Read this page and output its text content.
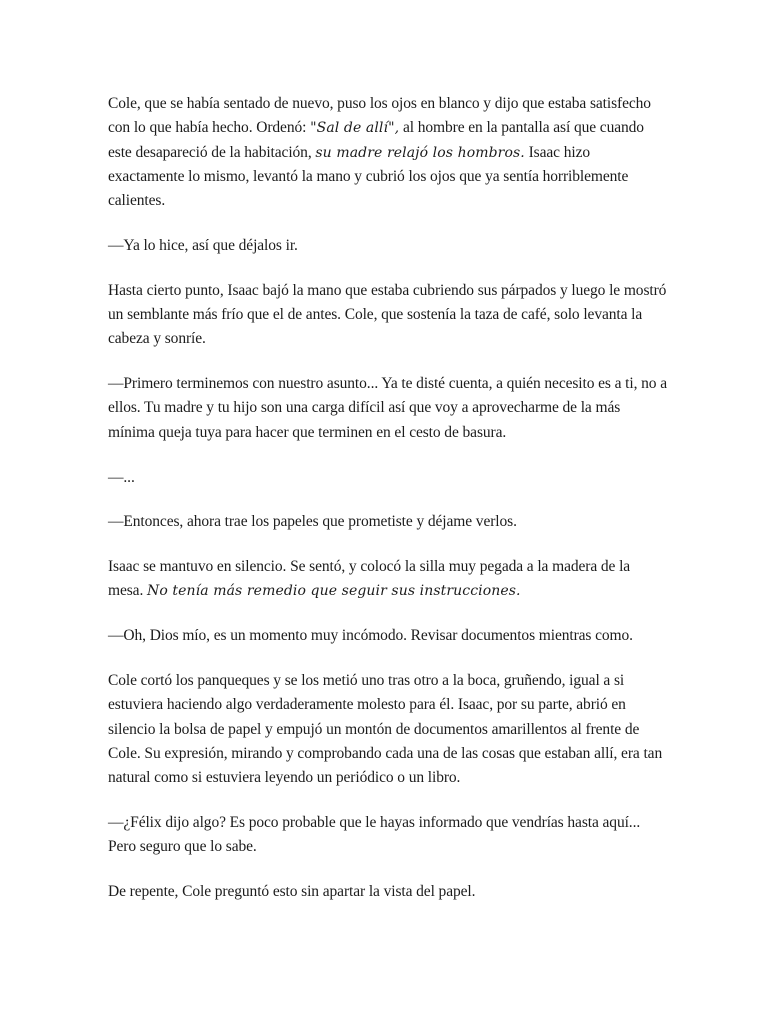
Cole, que se había sentado de nuevo, puso los ojos en blanco y dijo que estaba satisfecho con lo que había hecho. Ordenó: "Sal de allí", al hombre en la pantalla así que cuando este desapareció de la habitación, su madre relajó los hombros. Isaac hizo exactamente lo mismo, levantó la mano y cubrió los ojos que ya sentía horriblemente calientes.

—Ya lo hice, así que déjalos ir.

Hasta cierto punto, Isaac bajó la mano que estaba cubriendo sus párpados y luego le mostró un semblante más frío que el de antes. Cole, que sostenía la taza de café, solo levanta la cabeza y sonríe.

—Primero terminemos con nuestro asunto... Ya te disté cuenta, a quién necesito es a ti, no a ellos. Tu madre y tu hijo son una carga difícil así que voy a aprovecharme de la más mínima queja tuya para hacer que terminen en el cesto de basura.

—...

—Entonces, ahora trae los papeles que prometiste y déjame verlos.

Isaac se mantuvo en silencio. Se sentó, y colocó la silla muy pegada a la madera de la mesa. No tenía más remedio que seguir sus instrucciones.

—Oh, Dios mío, es un momento muy incómodo. Revisar documentos mientras como.

Cole cortó los panqueques y se los metió uno tras otro a la boca, gruñendo, igual a si estuviera haciendo algo verdaderamente molesto para él. Isaac, por su parte, abrió en silencio la bolsa de papel y empujó un montón de documentos amarillentos al frente de Cole. Su expresión, mirando y comprobando cada una de las cosas que estaban allí, era tan natural como si estuviera leyendo un periódico o un libro.

—¿Félix dijo algo? Es poco probable que le hayas informado que vendrías hasta aquí... Pero seguro que lo sabe.

De repente, Cole preguntó esto sin apartar la vista del papel.
